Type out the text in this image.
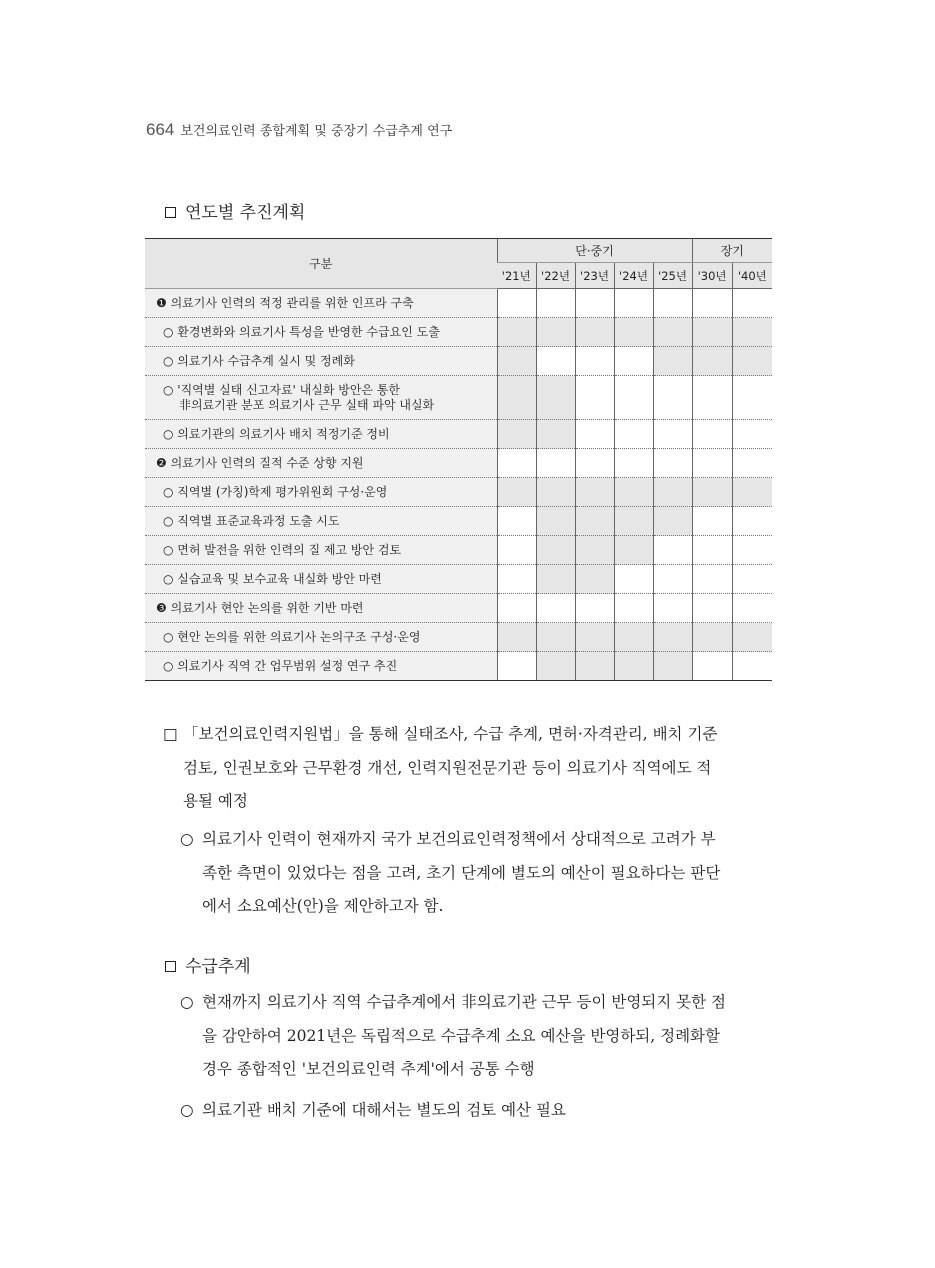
664 보건의료인력 종합계획 및 중장기 수급추계 연구
연도별 추진계획
구분	단·중기					장기	
	'21년	'22년	'23년	'24년	'25년	'30년	'40년

❶ 의료기사 인력의 적정 관리를 위한 인프라 구축							

○ 환경변화와 의료기사 특성을 반영한 수급요인 도출							

○ 의료기사 수급추계 실시 및 정례화							

○ '직역별 실태 신고자료' 내실화 방안은 통한
非의료기관 분포 의료기사 근무 실태 파악 내실화							

○ 의료기관의 의료기사 배치 적정기준 정비							

❷ 의료기사 인력의 질적 수준 상향 지원							

○ 직역별 (가칭)학제 평가위원회 구성·운영							

○ 직역별 표준교육과정 도출 시도							

○ 면허 발전을 위한 인력의 질 제고 방안 검토							

○ 실습교육 및 보수교육 내실화 방안 마련							

❸ 의료기사 현안 논의를 위한 기반 마련							

○ 현안 논의를 위한 의료기사 논의구조 구성·운영							

○ 의료기사 직역 간 업무범위 설정 연구 추진							

□ 「보건의료인력지원법」을 통해 실태조사, 수급 추계, 면허·자격관리, 배치 기준
검토, 인권보호와 근무환경 개선, 인력지원전문기관 등이 의료기사 직역에도 적
용될 예정
○ 의료기사 인력이 현재까지 국가 보건의료인력정책에서 상대적으로 고려가 부
족한 측면이 있었다는 점을 고려, 초기 단계에 별도의 예산이 필요하다는 판단
에서 소요예산(안)을 제안하고자 함.
수급추계
○ 현재까지 의료기사 직역 수급추계에서 非의료기관 근무 등이 반영되지 못한 점
을 감안하여 2021년은 독립적으로 수급추계 소요 예산을 반영하되, 정례화할
경우 종합적인 '보건의료인력 추계'에서 공통 수행
○ 의료기관 배치 기준에 대해서는 별도의 검토 예산 필요
